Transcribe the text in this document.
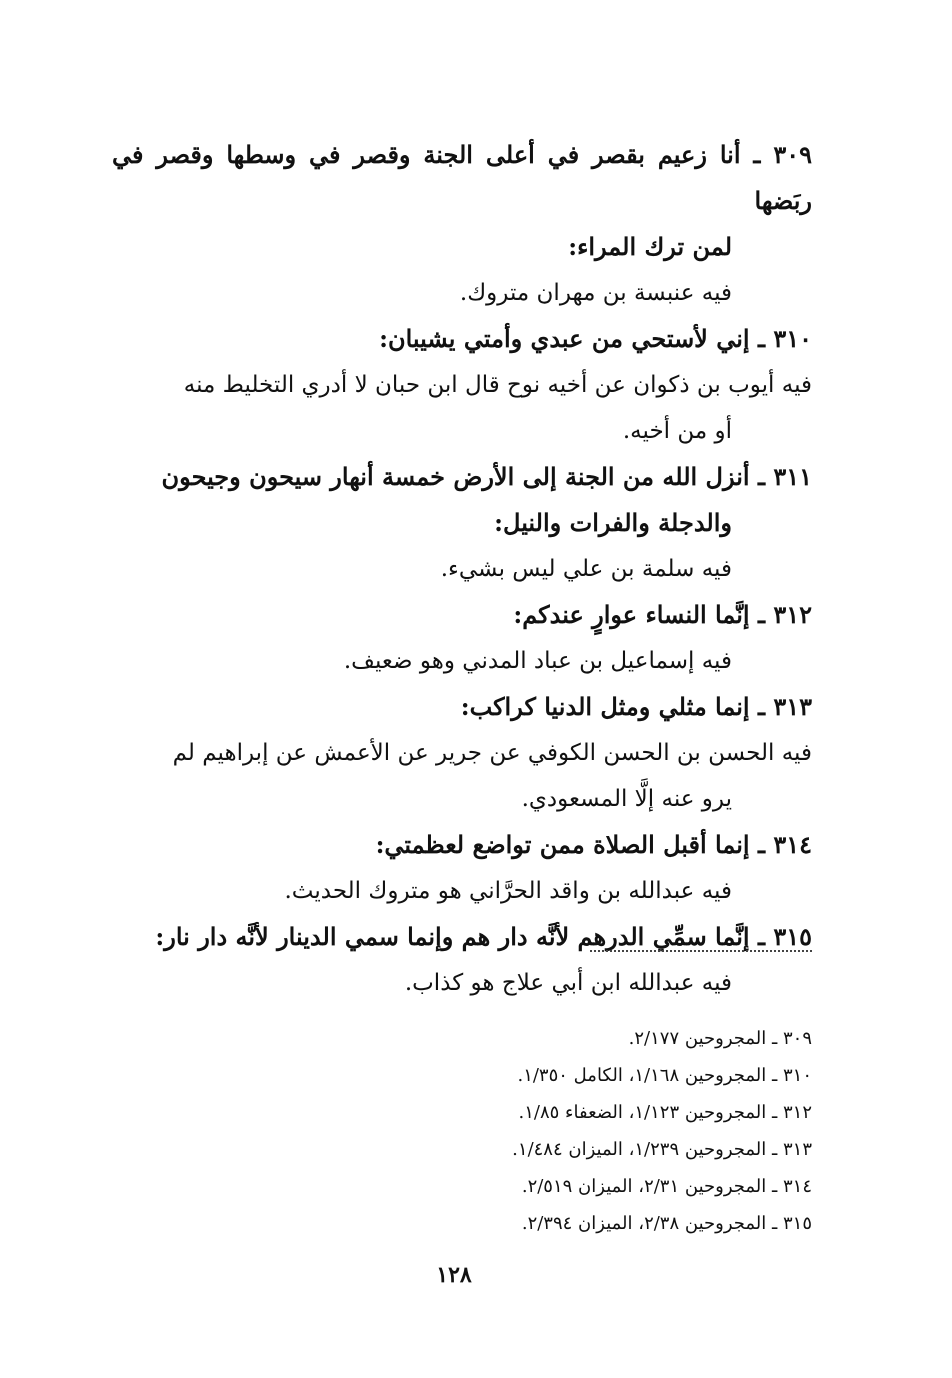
٣٠٩ ـ أنا زعيم بقصر في أعلى الجنة وقصر في وسطها وقصر في ربَضها
لمن ترك المراء:
فيه عنبسة بن مهران متروك.
٣١٠ ـ إني لأستحي من عبدي وأمتي يشيبان:
فيه أيوب بن ذكوان عن أخيه نوح قال ابن حبان لا أدري التخليط منه
أو من أخيه.
٣١١ ـ أنزل الله من الجنة إلى الأرض خمسة أنهار سيحون وجيحون
والدجلة والفرات والنيل:
فيه سلمة بن علي ليس بشيء.
٣١٢ ـ إنَّما النساء عوارٍ عندكم:
فيه إسماعيل بن عباد المدني وهو ضعيف.
٣١٣ ـ إنما مثلي ومثل الدنيا كراكب:
فيه الحسن بن الحسن الكوفي عن جرير عن الأعمش عن إبراهيم لم
يرو عنه إلَّا المسعودي.
٣١٤ ـ إنما أقبل الصلاة ممن تواضع لعظمتي:
فيه عبدالله بن واقد الحرَّاني هو متروك الحديث.
٣١٥ ـ إنَّما سمِّي الدرهم لأنَّه دار هم وإنما سمي الدينار لأنَّه دار نار:
فيه عبدالله ابن أبي علاج هو كذاب.
٣٠٩ ـ المجروحين ٢/١٧٧.
٣١٠ ـ المجروحين ١/١٦٨، الكامل ١/٣٥٠.
٣١٢ ـ المجروحين ١/١٢٣، الضعفاء ١/٨٥.
٣١٣ ـ المجروحين ١/٢٣٩، الميزان ١/٤٨٤.
٣١٤ ـ المجروحين ٢/٣١، الميزان ٢/٥١٩.
٣١٥ ـ المجروحين ٢/٣٨، الميزان ٢/٣٩٤.
١٢٨
